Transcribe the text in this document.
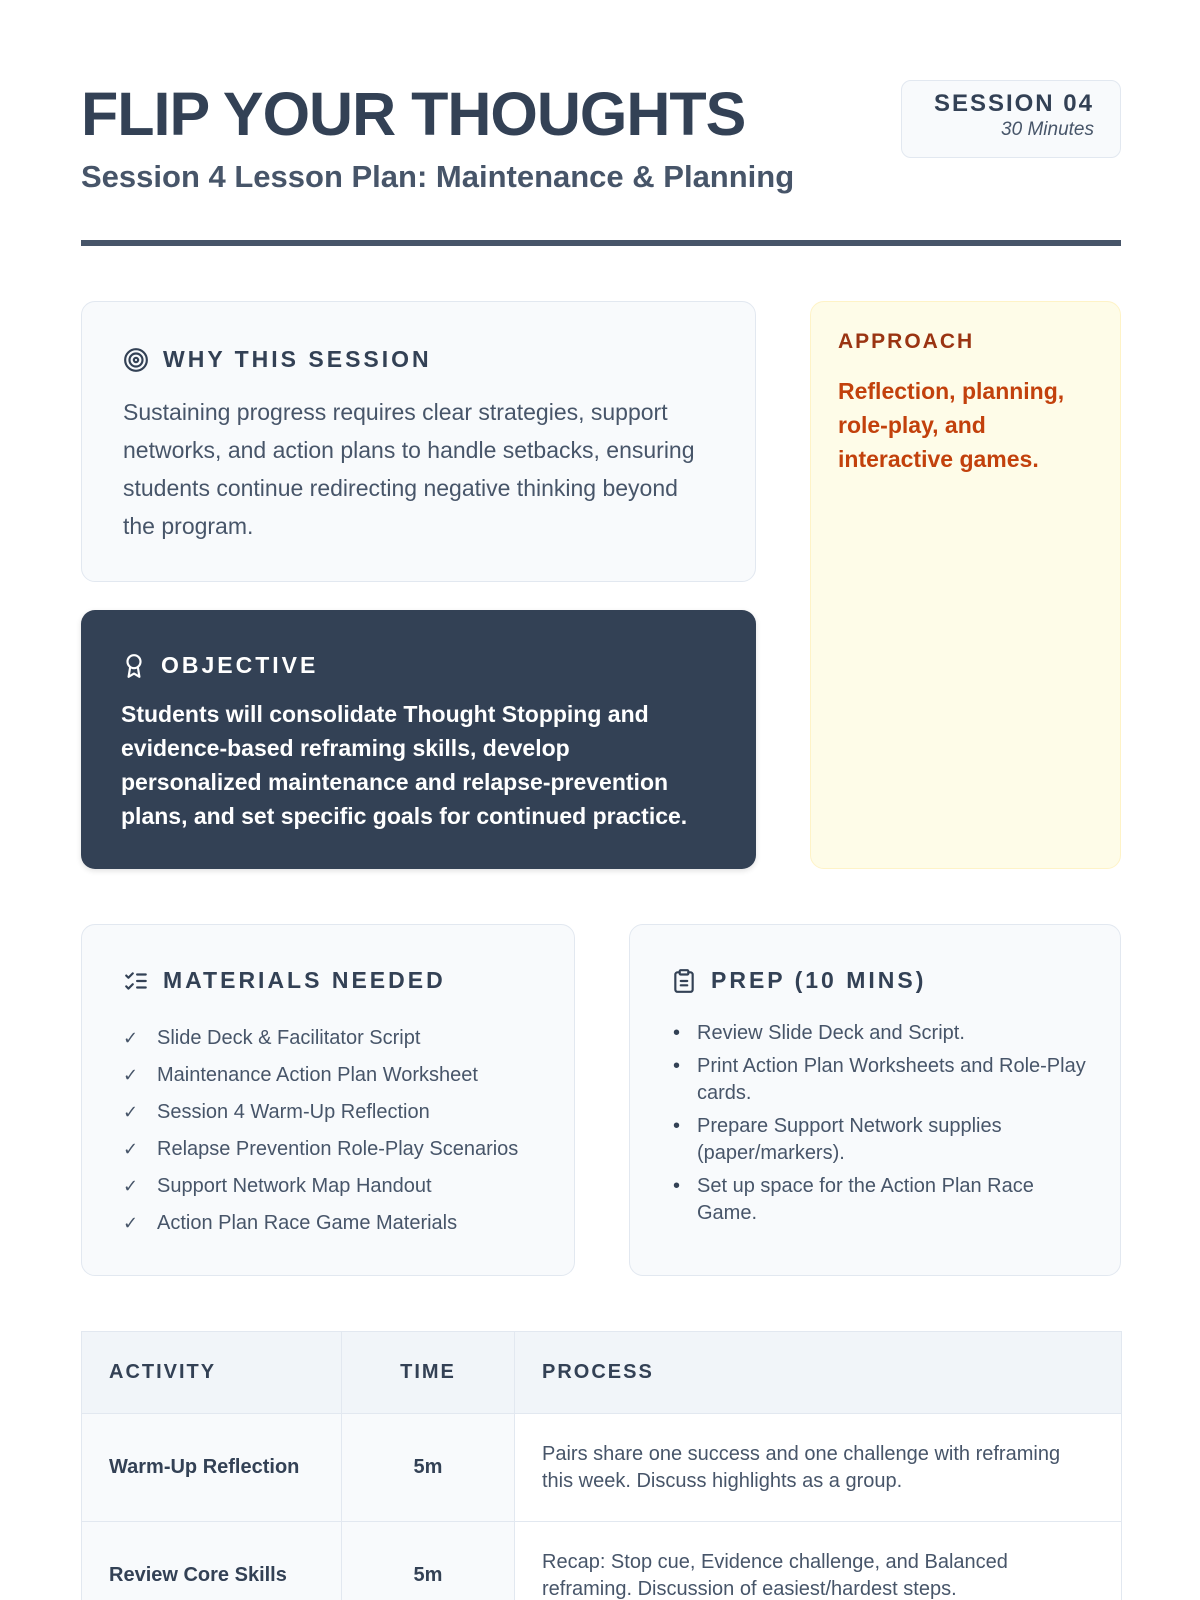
FLIP YOUR THOUGHTS
Session 4 Lesson Plan: Maintenance & Planning
SESSION 04
30 Minutes
WHY THIS SESSION

Sustaining progress requires clear strategies, support networks, and action plans to handle setbacks, ensuring students continue redirecting negative thinking beyond the program.

OBJECTIVE

Students will consolidate Thought Stopping and evidence-based reframing skills, develop personalized maintenance and relapse-prevention plans, and set specific goals for continued practice.

APPROACH

Reflection, planning, role-play, and interactive games.

MATERIALS NEEDED
✓ Slide Deck & Facilitator Script
✓ Maintenance Action Plan Worksheet
✓ Session 4 Warm-Up Reflection
✓ Relapse Prevention Role-Play Scenarios
✓ Support Network Map Handout
✓ Action Plan Race Game Materials
PREP (10 MINS)
• Review Slide Deck and Script.
• Print Action Plan Worksheets and Role-Play cards.
• Prepare Support Network supplies (paper/markers).
• Set up space for the Action Plan Race Game.
ACTIVITY	TIME	PROCESS
Warm-Up Reflection	5m	Pairs share one success and one challenge with reframing this week. Discuss highlights as a group.
Review Core Skills	5m	Recap: Stop cue, Evidence challenge, and Balanced reframing. Discussion of easiest/hardest steps.
